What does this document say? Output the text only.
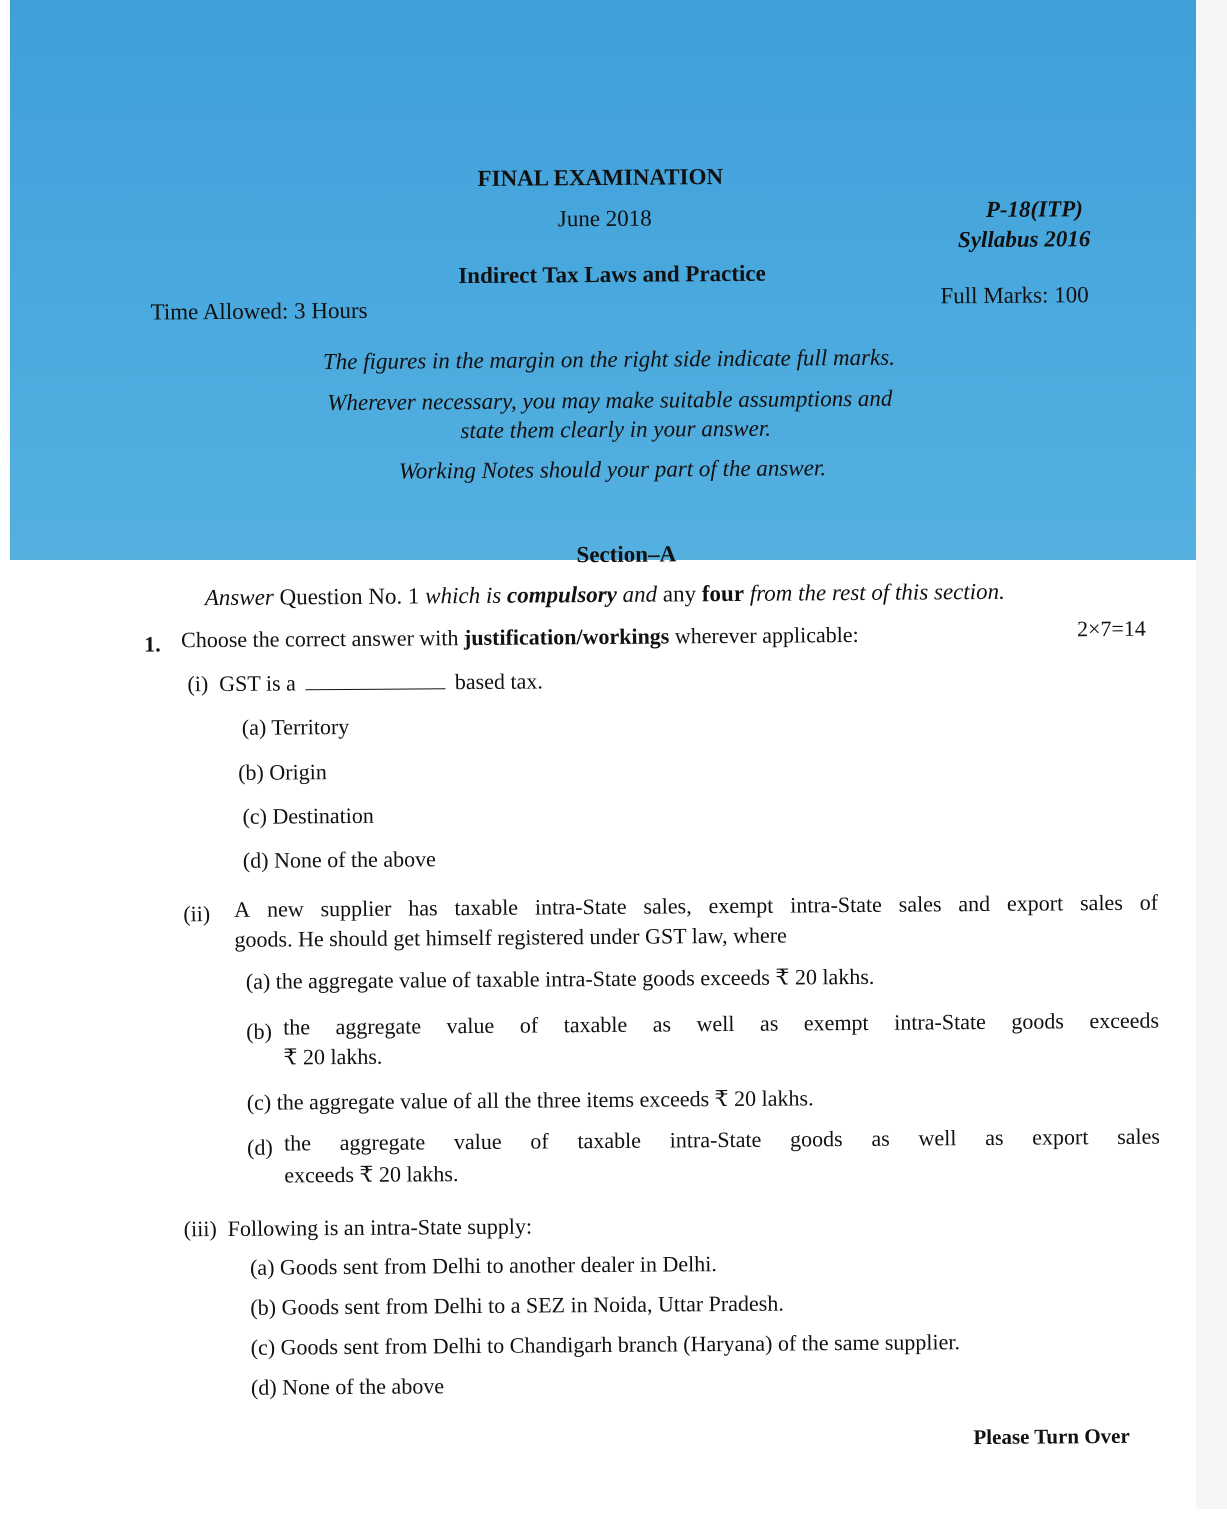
FINAL EXAMINATION
June 2018	P-18(ITP)
Syllabus 2016
Indirect Tax Laws and Practice
Time Allowed: 3 Hours
Full Marks: 100
The figures in the margin on the right side indicate full marks.
Wherever necessary, you may make suitable assumptions and
state them clearly in your answer.
Working Notes should your part of the answer.
Section–A
Answer Question No. 1 which is compulsory and any four from the rest of this section.
1. Choose the correct answer with justification/workings wherever applicable:	2×7=14
(i) GST is a	based tax.
(a) Territory
(b) Origin
(c) Destination
(d) None of the above
(ii) A new supplier has taxable intra-State sales, exempt intra-State sales and export sales of
goods. He should get himself registered under GST law, where
(a) the aggregate value of taxable intra-State goods exceeds ₹ 20 lakhs.
(b) the aggregate value of taxable as well as exempt intra-State goods exceeds
₹ 20 lakhs.
(c) the aggregate value of all the three items exceeds ₹ 20 lakhs.
(d) the aggregate value of taxable intra-State goods as well as export sales
exceeds ₹ 20 lakhs.
(iii) Following is an intra-State supply:
(a) Goods sent from Delhi to another dealer in Delhi.
(b) Goods sent from Delhi to a SEZ in Noida, Uttar Pradesh.
(c) Goods sent from Delhi to Chandigarh branch (Haryana) of the same supplier.
(d) None of the above
Please Turn Over
